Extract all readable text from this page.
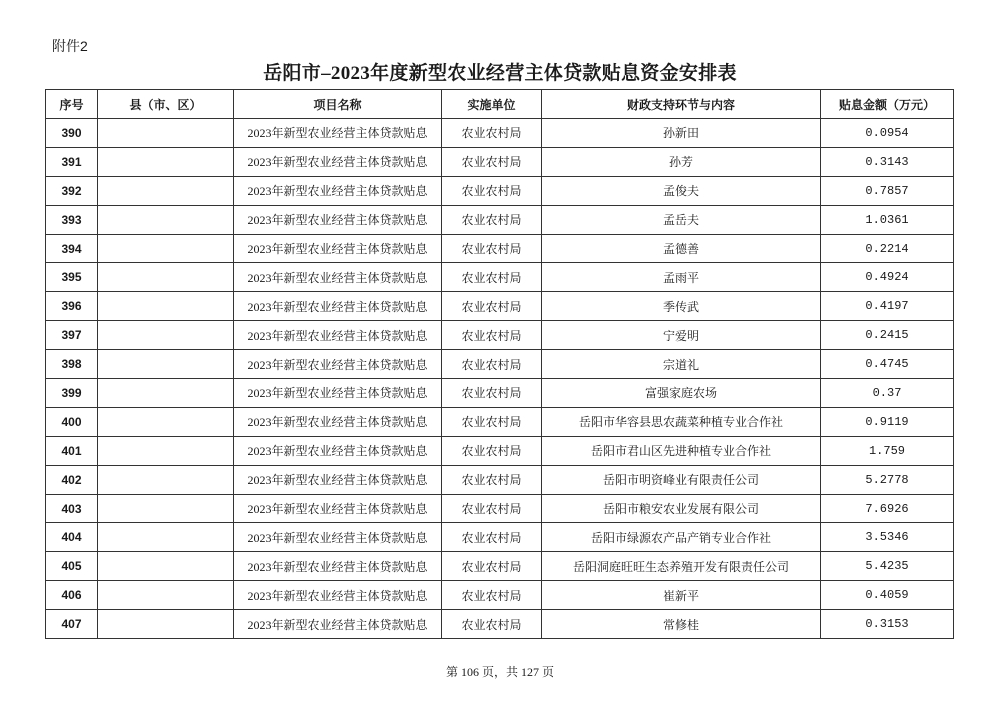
附件2
岳阳市–2023年度新型农业经营主体贷款贴息资金安排表
序号	县（市、区）	项目名称	实施单位	财政支持环节与内容	贴息金额（万元）
390		2023年新型农业经营主体贷款贴息	农业农村局	孙新田	0.0954
391		2023年新型农业经营主体贷款贴息	农业农村局	孙芳	0.3143
392		2023年新型农业经营主体贷款贴息	农业农村局	孟俊夫	0.7857
393		2023年新型农业经营主体贷款贴息	农业农村局	孟岳夫	1.0361
394		2023年新型农业经营主体贷款贴息	农业农村局	孟德善	0.2214
395		2023年新型农业经营主体贷款贴息	农业农村局	孟雨平	0.4924
396		2023年新型农业经营主体贷款贴息	农业农村局	季传武	0.4197
397		2023年新型农业经营主体贷款贴息	农业农村局	宁爱明	0.2415
398		2023年新型农业经营主体贷款贴息	农业农村局	宗道礼	0.4745
399		2023年新型农业经营主体贷款贴息	农业农村局	富强家庭农场	0.37
400		2023年新型农业经营主体贷款贴息	农业农村局	岳阳市华容县思农蔬菜种植专业合作社	0.9119
401		2023年新型农业经营主体贷款贴息	农业农村局	岳阳市君山区先进种植专业合作社	1.759
402		2023年新型农业经营主体贷款贴息	农业农村局	岳阳市明资峰业有限责任公司	5.2778
403		2023年新型农业经营主体贷款贴息	农业农村局	岳阳市粮安农业发展有限公司	7.6926
404		2023年新型农业经营主体贷款贴息	农业农村局	岳阳市绿源农产品产销专业合作社	3.5346
405		2023年新型农业经营主体贷款贴息	农业农村局	岳阳洞庭旺旺生态养殖开发有限责任公司	5.4235
406		2023年新型农业经营主体贷款贴息	农业农村局	崔新平	0.4059
407		2023年新型农业经营主体贷款贴息	农业农村局	常修桂	0.3153
第 106 页，共 127 页
